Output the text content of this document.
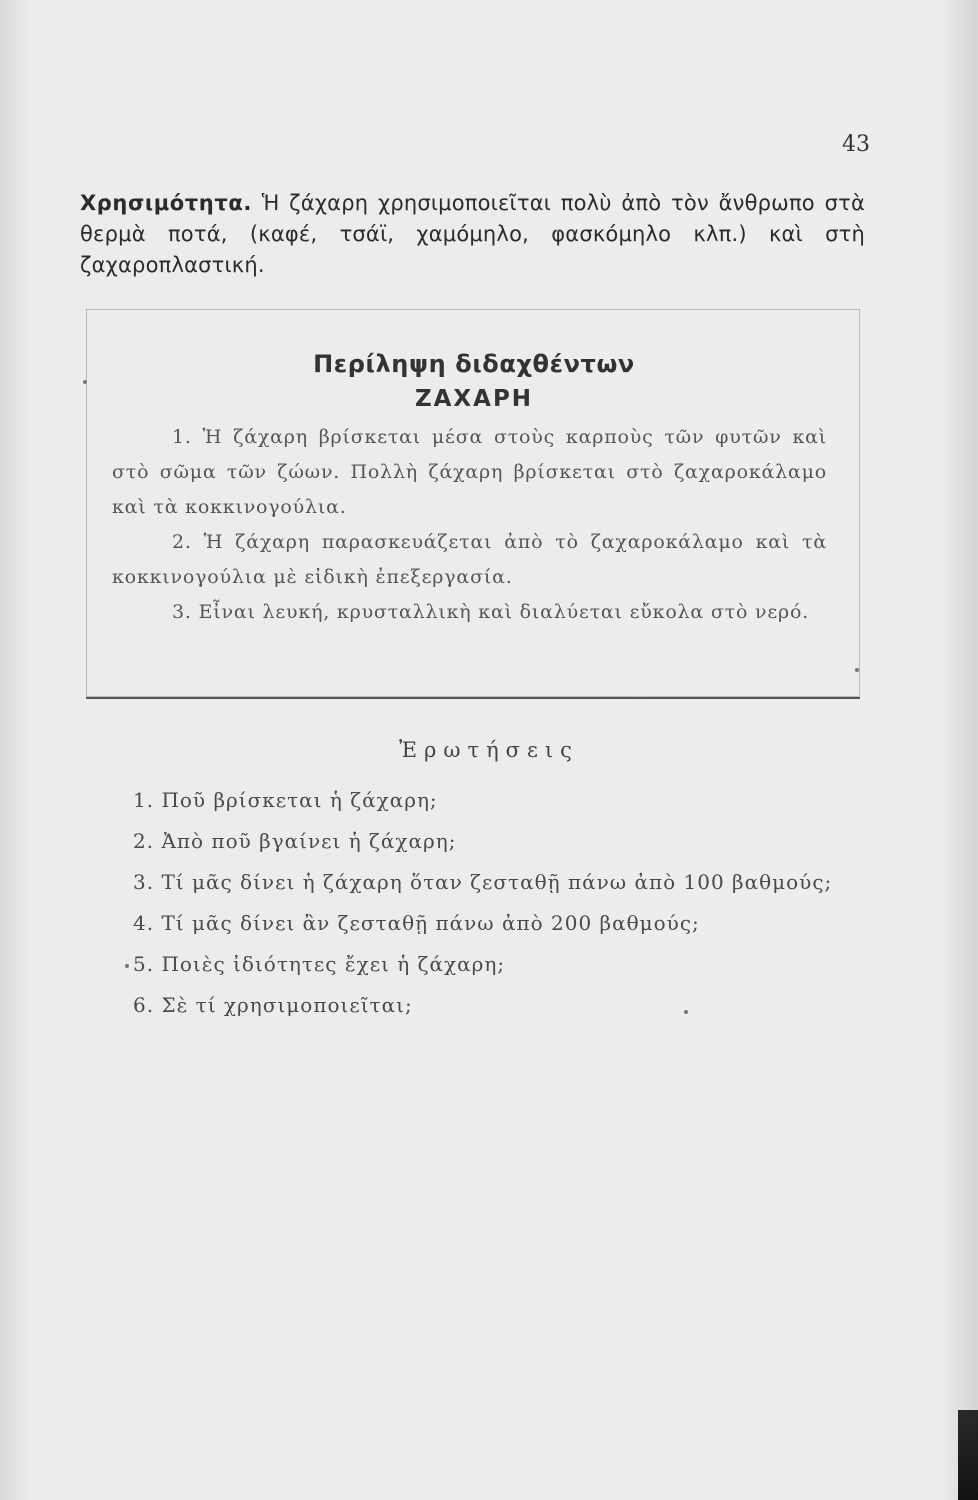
43
Χρησιμότητα. Ἡ ζάχαρη χρησιμοποιεῖται πολὺ ἀπὸ τὸν ἄνθρωπο στὰ θερμὰ ποτά, (καφέ, τσάϊ, χαμόμηλο, φασκόμηλο κλπ.) καὶ στὴ ζαχαροπλαστική.
Περίληψη διδαχθέντων
ΖΑΧΑΡΗ

1. Ἡ ζάχαρη βρίσκεται μέσα στοὺς καρποὺς τῶν φυτῶν καὶ στὸ σῶμα τῶν ζώων. Πολλὴ ζάχαρη βρίσκεται στὸ ζαχαροκάλαμο καὶ τὰ κοκκινογούλια.

2. Ἡ ζάχαρη παρασκευάζεται ἀπὸ τὸ ζαχαροκάλαμο καὶ τὰ κοκκινογούλια μὲ εἰδικὴ ἐπεξεργασία.

3. Εἶναι λευκή, κρυσταλλικὴ καὶ διαλύεται εὔκολα στὸ νερό.

Ἐρωτήσεις
1. Ποῦ βρίσκεται ἡ ζάχαρη;
2. Ἀπὸ ποῦ βγαίνει ἡ ζάχαρη;
3. Τί μᾶς δίνει ἡ ζάχαρη ὅταν ζεσταθῇ πάνω ἀπὸ 100 βαθμούς;
4. Τί μᾶς δίνει ἂν ζεσταθῇ πάνω ἀπὸ 200 βαθμούς;
5. Ποιὲς ἰδιότητες ἔχει ἡ ζάχαρη;
6. Σὲ τί χρησιμοποιεῖται;
